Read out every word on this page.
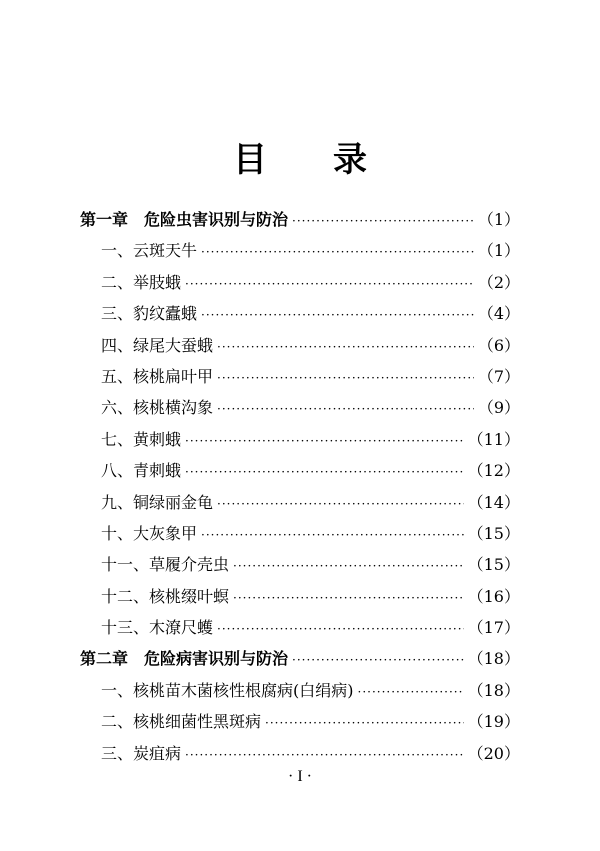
目 录
第一章　危险虫害识别与防治 ·····	（1）
一、云斑天牛 ·····	（1）
二、举肢蛾 ·····	（2）
三、豹纹蠹蛾 ·····	（4）
四、绿尾大蚕蛾 ·····	（6）
五、核桃扁叶甲 ·····	（7）
六、核桃横沟象 ·····	（9）
七、黄刺蛾 ·····	（11）
八、青刺蛾 ·····	（12）
九、铜绿丽金龟 ·····	（14）
十、大灰象甲 ·····	（15）
十一、草履介壳虫 ·····	（15）
十二、核桃缀叶螟 ·····	（16）
十三、木潦尺蠖 ·····	（17）
第二章　危险病害识别与防治 ·····	（18）
一、核桃苗木菌核性根腐病(白绢病) ·····	（18）
二、核桃细菌性黑斑病 ·····	（19）
三、炭疽病 ·····	（20）
· I ·
